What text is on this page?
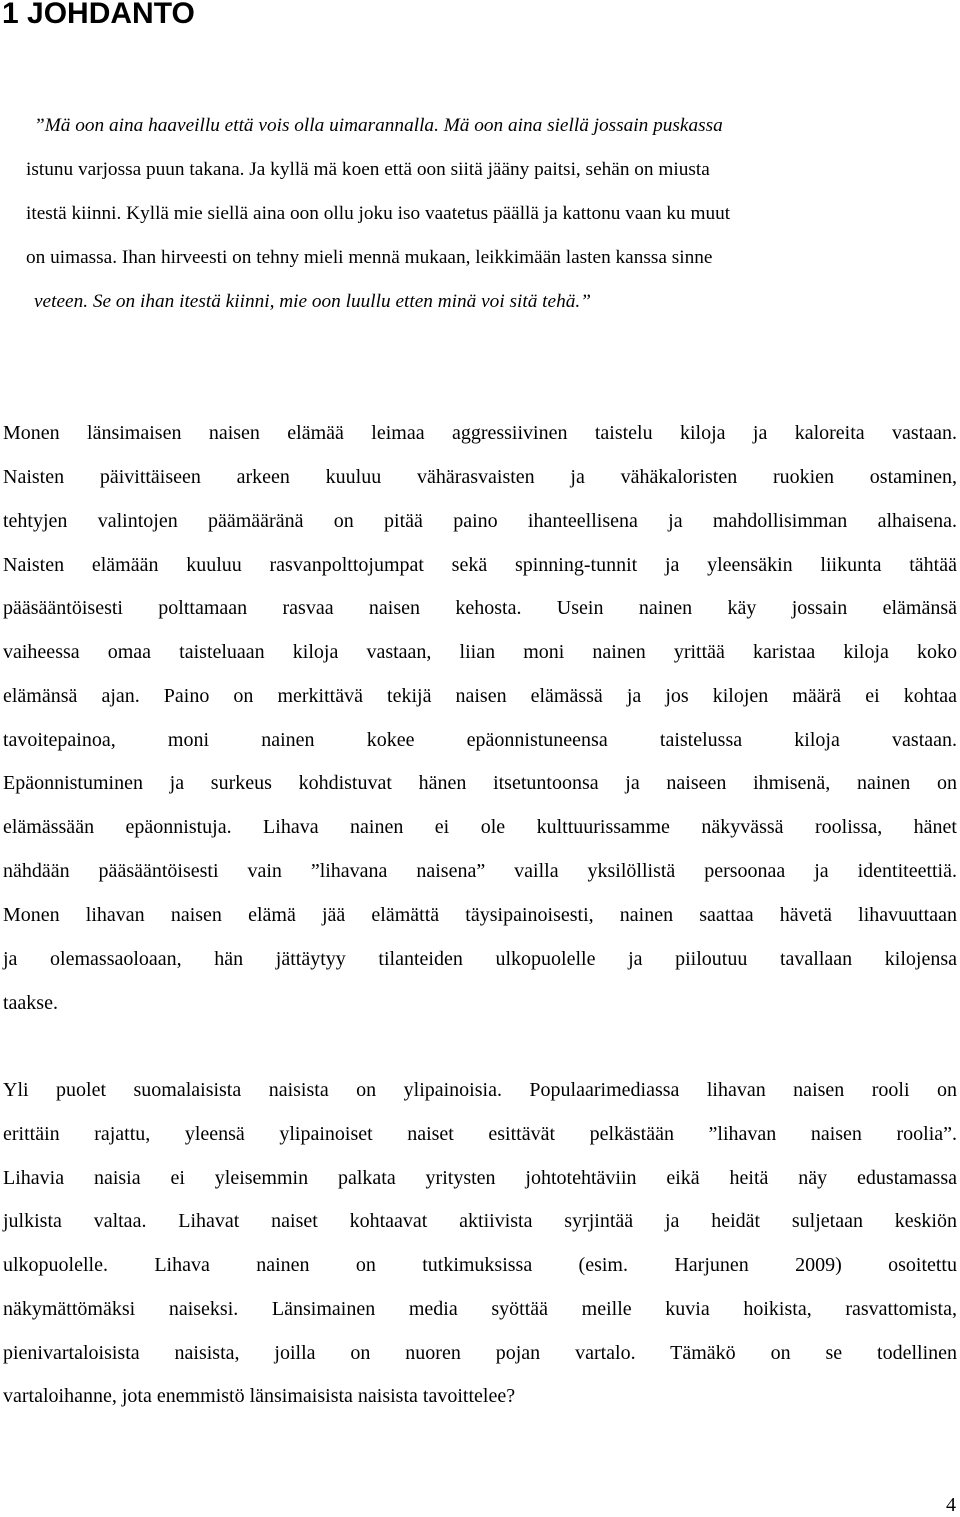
1 JOHDANTO

”Mä oon aina haaveillu että vois olla uimarannalla. Mä oon aina siellä jossain puskassa

istunu varjossa puun takana. Ja kyllä mä koen että oon siitä jääny paitsi, sehän on miusta

itestä kiinni. Kyllä mie siellä aina oon ollu joku iso vaatetus päällä ja kattonu vaan ku muut

on uimassa. Ihan hirveesti on tehny mieli mennä mukaan, leikkimään lasten kanssa sinne

veteen. Se on ihan itestä kiinni, mie oon luullu etten minä voi sitä tehä.”

Monen länsimaisen naisen elämää leimaa aggressiivinen taistelu kiloja ja kaloreita vastaan.

Naisten päivittäiseen arkeen kuuluu vähärasvaisten ja vähäkaloristen ruokien ostaminen,

tehtyjen valintojen päämääränä on pitää paino ihanteellisena ja mahdollisimman alhaisena.

Naisten elämään kuuluu rasvanpolttojumpat sekä spinning-tunnit ja yleensäkin liikunta tähtää

pääsääntöisesti polttamaan rasvaa naisen kehosta. Usein nainen käy jossain elämänsä

vaiheessa omaa taisteluaan kiloja vastaan, liian moni nainen yrittää karistaa kiloja koko

elämänsä ajan. Paino on merkittävä tekijä naisen elämässä ja jos kilojen määrä ei kohtaa

tavoitepainoa, moni nainen kokee epäonnistuneensa taistelussa kiloja vastaan.

Epäonnistuminen ja surkeus kohdistuvat hänen itsetuntoonsa ja naiseen ihmisenä, nainen on

elämässään epäonnistuja. Lihava nainen ei ole kulttuurissamme näkyvässä roolissa, hänet

nähdään pääsääntöisesti vain ”lihavana naisena” vailla yksilöllistä persoonaa ja identiteettiä.

Monen lihavan naisen elämä jää elämättä täysipainoisesti, nainen saattaa hävetä lihavuuttaan

ja olemassaoloaan, hän jättäytyy tilanteiden ulkopuolelle ja piiloutuu tavallaan kilojensa

taakse.

Yli puolet suomalaisista naisista on ylipainoisia. Populaarimediassa lihavan naisen rooli on

erittäin rajattu, yleensä ylipainoiset naiset esittävät pelkästään ”lihavan naisen roolia”.

Lihavia naisia ei yleisemmin palkata yritysten johtotehtäviin eikä heitä näy edustamassa

julkista valtaa. Lihavat naiset kohtaavat aktiivista syrjintää ja heidät suljetaan keskiön

ulkopuolelle. Lihava nainen on tutkimuksissa (esim. Harjunen 2009) osoitettu

näkymättömäksi naiseksi. Länsimainen media syöttää meille kuvia hoikista, rasvattomista,

pienivartaloisista naisista, joilla on nuoren pojan vartalo. Tämäkö on se todellinen

vartaloihanne, jota enemmistö länsimaisista naisista tavoittelee?

4
